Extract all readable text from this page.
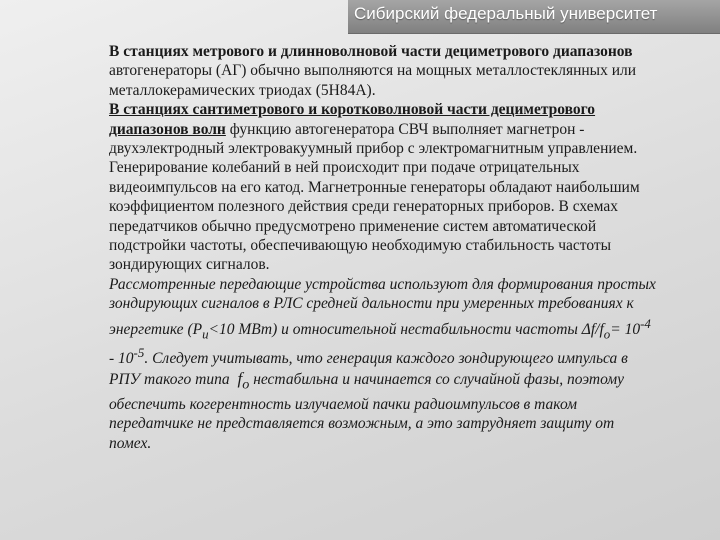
Сибирский федеральный университет

В станциях метрового и длинноволновой части дециметрового диапазонов автогенераторы (АГ) обычно выполняются на мощных металлостеклянных или металлокерамических триодах (5Н84А).

В станциях сантиметрового и коротковолновой части дециметрового диапазонов волн функцию автогенератора СВЧ выполняет магнетрон - двухэлектродный электровакуумный прибор с электромагнитным управлением. Генерирование колебаний в ней происходит при подаче отрицательных видеоимпульсов на его катод. Магнетронные генераторы обладают наибольшим коэффициентом полезного действия среди генераторных приборов. В схемах передатчиков обычно предусмотрено применение систем автоматической подстройки частоты, обеспечивающую необходимую стабильность частоты зондирующих сигналов.

Рассмотренные передающие устройства используют для формирования простых зондирующих сигналов в РЛС средней дальности при умеренных требованиях к энергетике ($Р_и<10$ МВт) и относительной нестабильности частоты $\Delta f/f_о= 10^{-4} - 10^{-5}$. Следует учитывать, что генерация каждого зондирующего импульса в РПУ такого типа $f_о$ нестабильна и начинается со случайной фазы, поэтому обеспечить когерентность излучаемой пачки радиоимпульсов в таком передатчике не представляется возможным, а это затрудняет защиту от помех.
